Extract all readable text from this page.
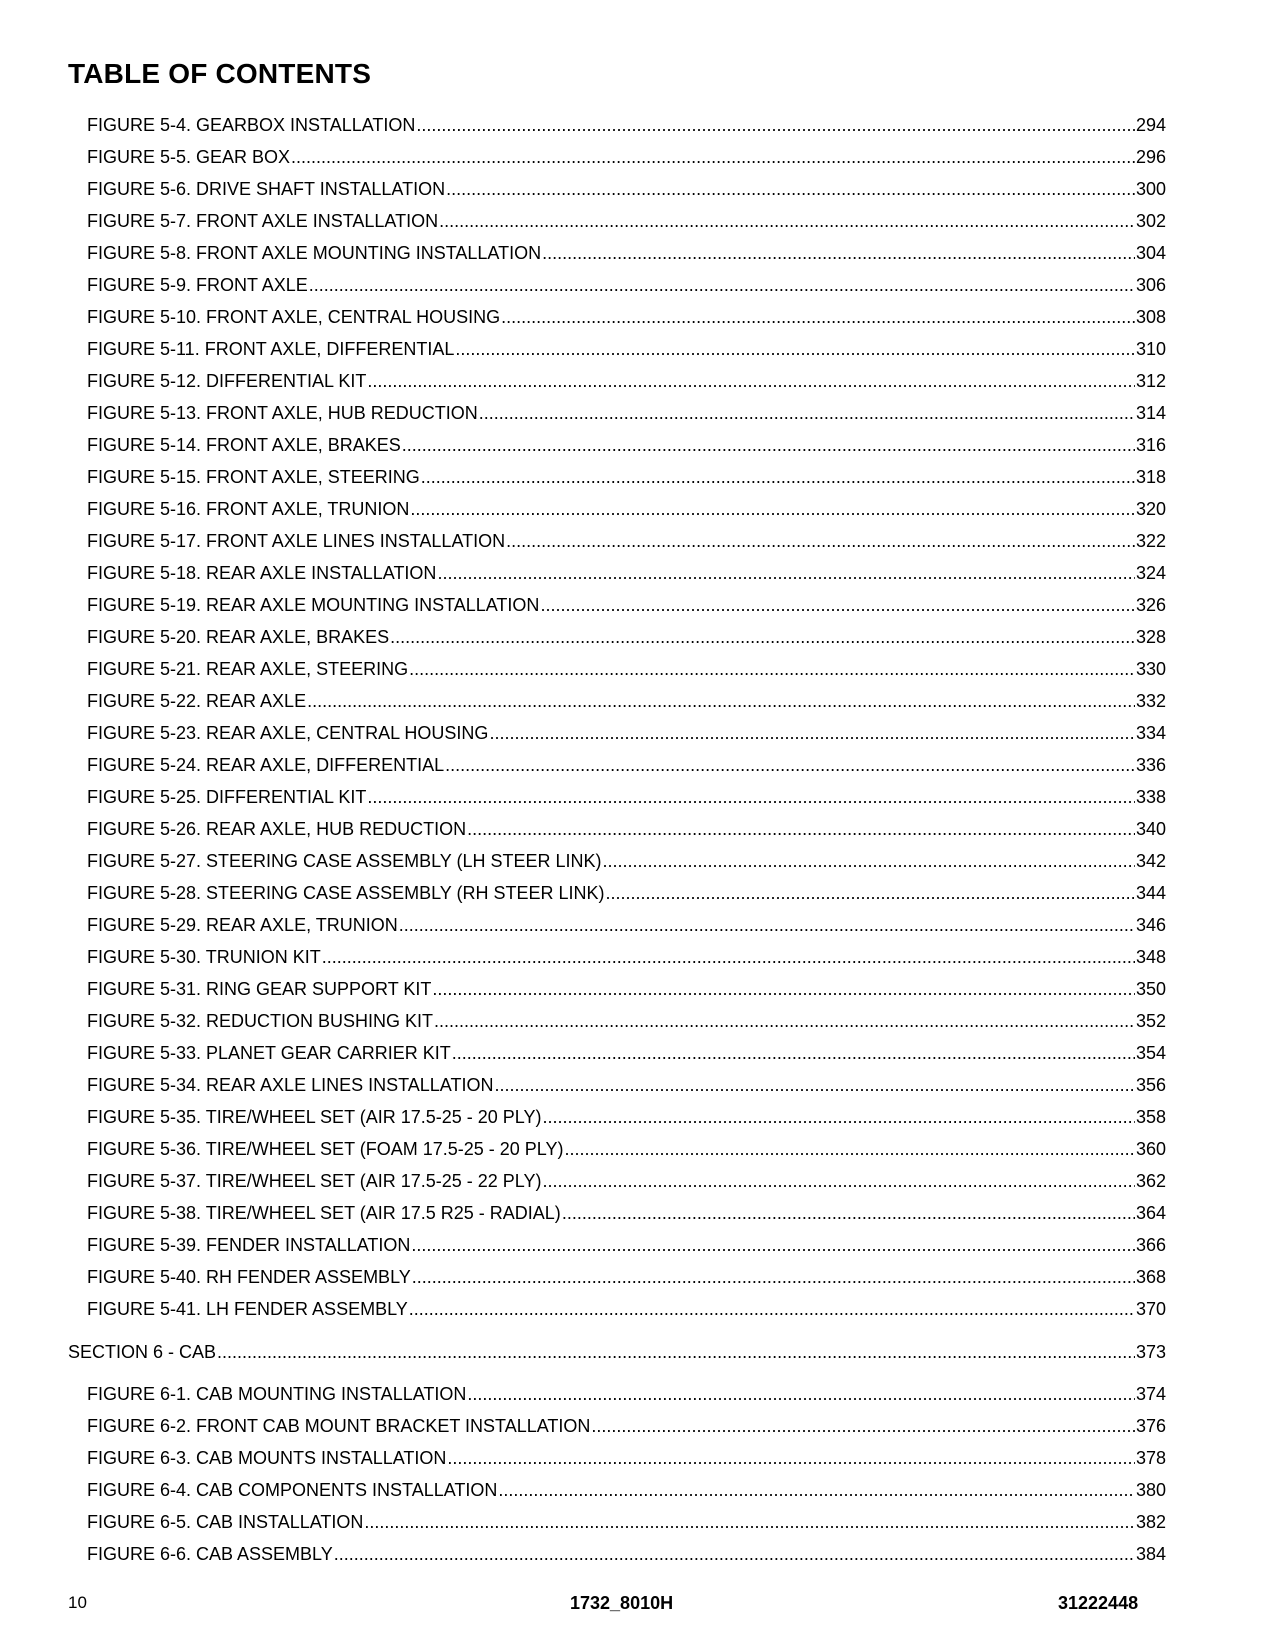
TABLE OF CONTENTS
FIGURE 5-4. GEARBOX INSTALLATION .....	294
FIGURE 5-5. GEAR BOX .....	296
FIGURE 5-6. DRIVE SHAFT INSTALLATION .....	300
FIGURE 5-7. FRONT AXLE INSTALLATION .....	302
FIGURE 5-8. FRONT AXLE MOUNTING INSTALLATION .....	304
FIGURE 5-9. FRONT AXLE .....	306
FIGURE 5-10. FRONT AXLE, CENTRAL HOUSING .....	308
FIGURE 5-11. FRONT AXLE, DIFFERENTIAL .....	310
FIGURE 5-12. DIFFERENTIAL KIT .....	312
FIGURE 5-13. FRONT AXLE, HUB REDUCTION .....	314
FIGURE 5-14. FRONT AXLE, BRAKES .....	316
FIGURE 5-15. FRONT AXLE, STEERING .....	318
FIGURE 5-16. FRONT AXLE, TRUNION .....	320
FIGURE 5-17. FRONT AXLE LINES INSTALLATION .....	322
FIGURE 5-18. REAR AXLE INSTALLATION .....	324
FIGURE 5-19. REAR AXLE MOUNTING INSTALLATION .....	326
FIGURE 5-20. REAR AXLE, BRAKES .....	328
FIGURE 5-21. REAR AXLE, STEERING .....	330
FIGURE 5-22. REAR AXLE .....	332
FIGURE 5-23. REAR AXLE, CENTRAL HOUSING .....	334
FIGURE 5-24. REAR AXLE, DIFFERENTIAL .....	336
FIGURE 5-25. DIFFERENTIAL KIT .....	338
FIGURE 5-26. REAR AXLE, HUB REDUCTION .....	340
FIGURE 5-27. STEERING CASE ASSEMBLY (LH STEER LINK) .....	342
FIGURE 5-28. STEERING CASE ASSEMBLY (RH STEER LINK) .....	344
FIGURE 5-29. REAR AXLE, TRUNION .....	346
FIGURE 5-30. TRUNION KIT .....	348
FIGURE 5-31. RING GEAR SUPPORT KIT .....	350
FIGURE 5-32. REDUCTION BUSHING KIT .....	352
FIGURE 5-33. PLANET GEAR CARRIER KIT .....	354
FIGURE 5-34. REAR AXLE LINES INSTALLATION .....	356
FIGURE 5-35. TIRE/WHEEL SET (AIR 17.5-25 - 20 PLY) .....	358
FIGURE 5-36. TIRE/WHEEL SET (FOAM 17.5-25 - 20 PLY) .....	360
FIGURE 5-37. TIRE/WHEEL SET (AIR 17.5-25 - 22 PLY) .....	362
FIGURE 5-38. TIRE/WHEEL SET (AIR 17.5 R25 - RADIAL) .....	364
FIGURE 5-39. FENDER INSTALLATION .....	366
FIGURE 5-40. RH FENDER ASSEMBLY .....	368
FIGURE 5-41. LH FENDER ASSEMBLY .....	370
SECTION 6 - CAB .....	373
FIGURE 6-1. CAB MOUNTING INSTALLATION .....	374
FIGURE 6-2. FRONT CAB MOUNT BRACKET INSTALLATION .....	376
FIGURE 6-3. CAB MOUNTS INSTALLATION .....	378
FIGURE 6-4. CAB COMPONENTS INSTALLATION .....	380
FIGURE 6-5. CAB INSTALLATION .....	382
FIGURE 6-6. CAB ASSEMBLY .....	384
10	1732_8010H	31222448
